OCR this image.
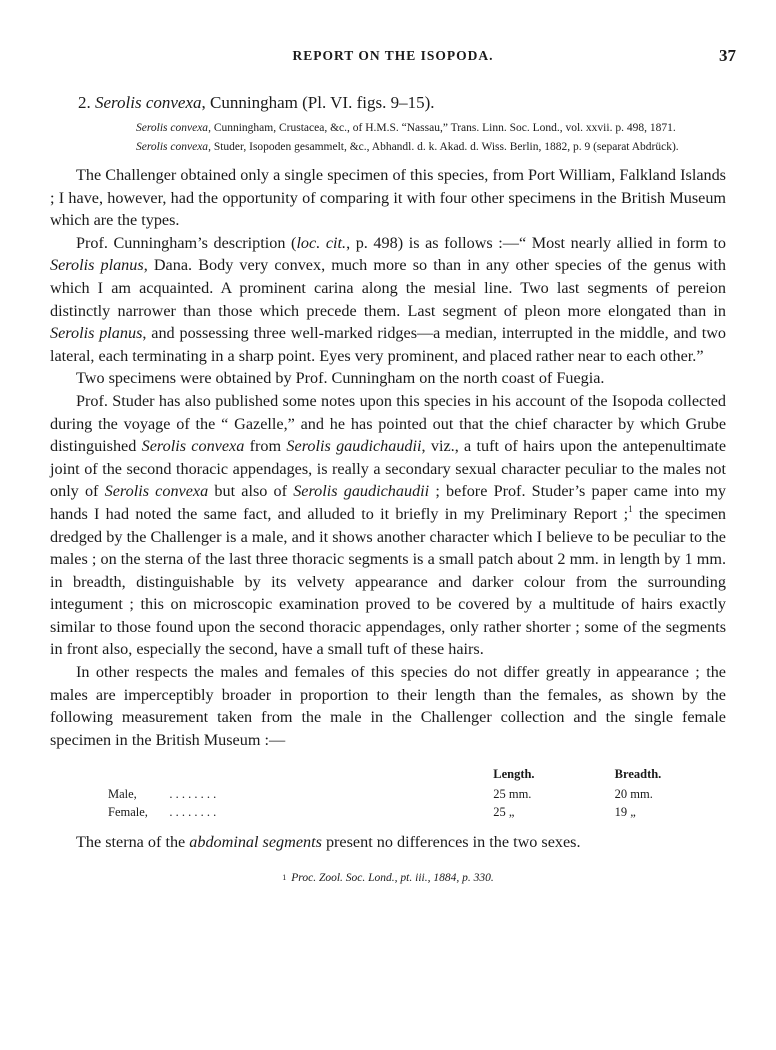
REPORT ON THE ISOPODA.	37

2. Serolis convexa, Cunningham (Pl. VI. figs. 9–15).

Serolis convexa, Cunningham, Crustacea, &c., of H.M.S. “Nassau,” Trans. Linn. Soc. Lond., vol. xxvii. p. 498, 1871.

Serolis convexa, Studer, Isopoden gesammelt, &c., Abhandl. d. k. Akad. d. Wiss. Berlin, 1882, p. 9 (separat Abdrück).

The Challenger obtained only a single specimen of this species, from Port William, Falkland Islands ; I have, however, had the opportunity of comparing it with four other specimens in the British Museum which are the types.

Prof. Cunningham’s description (loc. cit., p. 498) is as follows :—“ Most nearly allied in form to Serolis planus, Dana. Body very convex, much more so than in any other species of the genus with which I am acquainted. A prominent carina along the mesial line. Two last segments of pereion distinctly narrower than those which precede them. Last segment of pleon more elongated than in Serolis planus, and possessing three well-marked ridges—a median, interrupted in the middle, and two lateral, each terminating in a sharp point. Eyes very prominent, and placed rather near to each other.”

Two specimens were obtained by Prof. Cunningham on the north coast of Fuegia.

Prof. Studer has also published some notes upon this species in his account of the Isopoda collected during the voyage of the “ Gazelle,” and he has pointed out that the chief character by which Grube distinguished Serolis convexa from Serolis gaudichaudii, viz., a tuft of hairs upon the antepenultimate joint of the second thoracic appendages, is really a secondary sexual character peculiar to the males not only of Serolis convexa but also of Serolis gaudichaudii ; before Prof. Studer’s paper came into my hands I had noted the same fact, and alluded to it briefly in my Preliminary Report ;$^1$ the specimen dredged by the Challenger is a male, and it shows another character which I believe to be peculiar to the males ; on the sterna of the last three thoracic segments is a small patch about 2 mm. in length by 1 mm. in breadth, distinguishable by its velvety appearance and darker colour from the surrounding integument ; this on microscopic examination proved to be covered by a multitude of hairs exactly similar to those found upon the second thoracic appendages, only rather shorter ; some of the segments in front also, especially the second, have a small tuft of these hairs.

In other respects the males and females of this species do not differ greatly in appearance ; the males are imperceptibly broader in proportion to their length than the females, as shown by the following measurement taken from the male in the Challenger collection and the single female specimen in the British Museum :—

		Length.	Breadth.
Male,	. . . . . . . .	25 mm.	20 mm.
Female,	. . . . . . . .	25 „	19 „

The sterna of the abdominal segments present no differences in the two sexes.

$^1$ Proc. Zool. Soc. Lond., pt. iii., 1884, p. 330.
